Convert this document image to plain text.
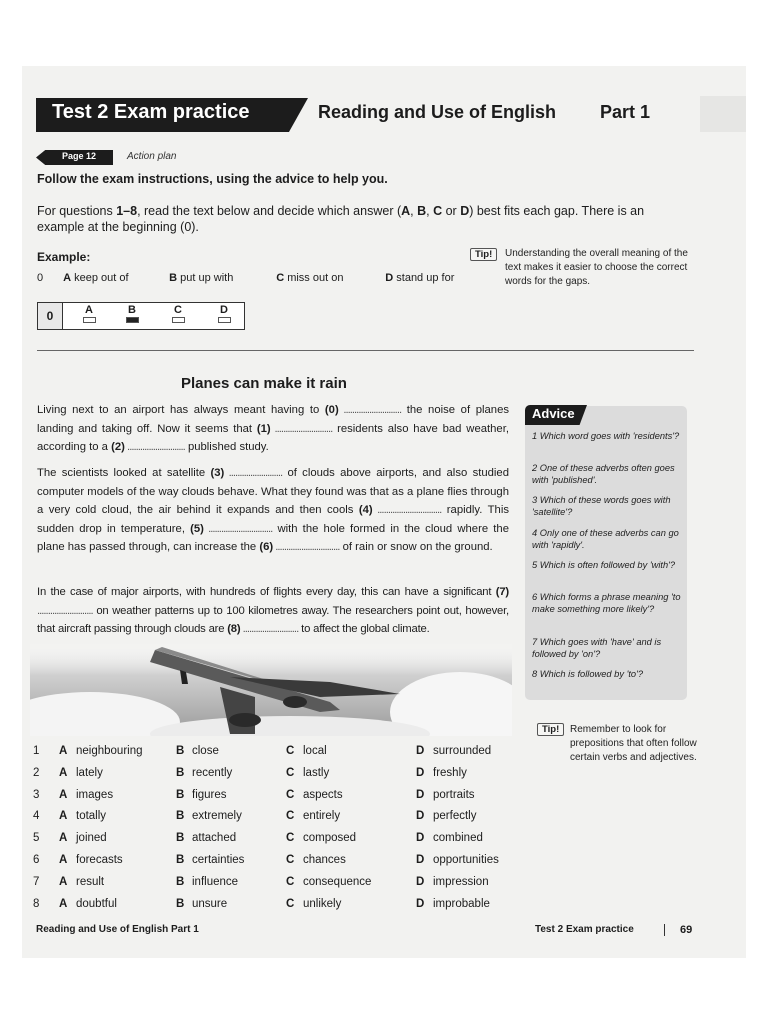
Test 2 Exam practice	Reading and Use of English Part 1
Page 12	Action plan
Follow the exam instructions, using the advice to help you.
For questions 1–8, read the text below and decide which answer (A, B, C or D) best fits each gap. There is an example at the beginning (0).
Example:
0 A keep out of	B put up with	C miss out on	D stand up for
Tip!	Understanding the overall meaning of the text makes it easier to choose the correct words for the gaps.
0	A	B	C	D
Planes can make it rain
Living next to an airport has always meant having to (0) ........................... the noise of planes landing and taking off. Now it seems that (1) ........................... residents also have bad weather, according to a (2) ........................... published study.
The scientists looked at satellite (3) ......................... of clouds above airports, and also studied computer models of the way clouds behave. What they found was that as a plane flies through a very cold cloud, the air behind it expands and then cools (4) .............................. rapidly. This sudden drop in temperature, (5) .............................. with the hole formed in the cloud where the plane has passed through, can increase the (6) .............................. of rain or snow on the ground.
In the case of major airports, with hundreds of flights every day, this can have a significant (7) .......................... on weather patterns up to 100 kilometres away. The researchers point out, however, that aircraft passing through clouds are (8) .......................... to affect the global climate.
Advice
1 Which word goes with 'residents'?
2 One of these adverbs often goes with 'published'.
3 Which of these words goes with 'satellite'?
4 Only one of these adverbs can go with 'rapidly'.
5 Which is often followed by 'with'?
6 Which forms a phrase meaning 'to make something more likely'?
7 Which goes with 'have' and is followed by 'on'?
8 Which is followed by 'to'?
Tip!	Remember to look for prepositions that often follow certain verbs and adjectives.
1 A neighbouring	B close	C local	D surrounded
2 A lately	B recently	C lastly	D freshly
3 A images	B figures	C aspects	D portraits
4 A totally	B extremely	C entirely	D perfectly
5 A joined	B attached	C composed	D combined
6 A forecasts	B certainties	C chances	D opportunities
7 A result	B influence	C consequence	D impression
8 A doubtful	B unsure	C unlikely	D improbable
Reading and Use of English Part 1	Test 2 Exam practice	69
